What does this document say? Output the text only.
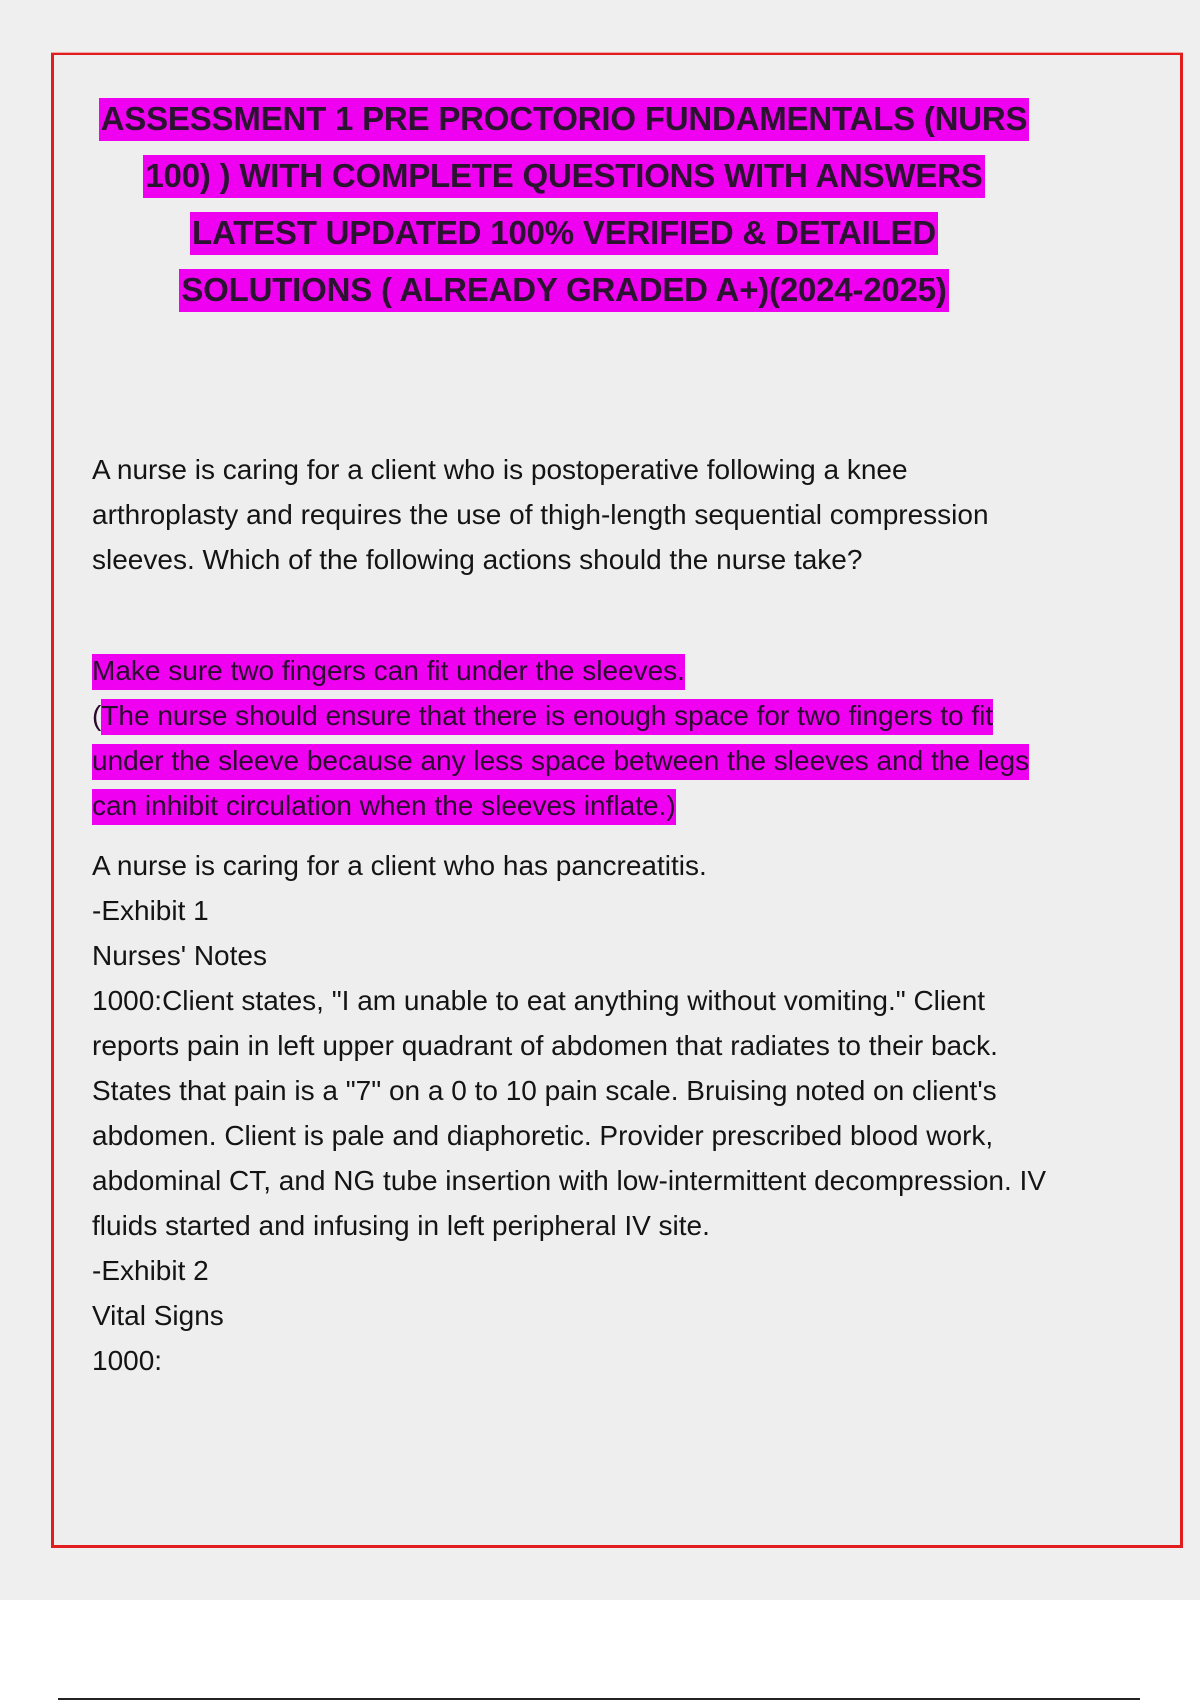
ASSESSMENT 1 PRE PROCTORIO FUNDAMENTALS (NURS
100) ) WITH COMPLETE QUESTIONS WITH ANSWERS
LATEST UPDATED 100% VERIFIED & DETAILED
SOLUTIONS ( ALREADY GRADED A+)(2024-2025)
A nurse is caring for a client who is postoperative following a knee arthroplasty and requires the use of thigh-length sequential compression sleeves. Which of the following actions should the nurse take?
Make sure two fingers can fit under the sleeves.
(The nurse should ensure that there is enough space for two fingers to fit under the sleeve because any less space between the sleeves and the legs can inhibit circulation when the sleeves inflate.)
A nurse is caring for a client who has pancreatitis.
-Exhibit 1
Nurses' Notes
1000:Client states, "I am unable to eat anything without vomiting." Client reports pain in left upper quadrant of abdomen that radiates to their back. States that pain is a "7" on a 0 to 10 pain scale. Bruising noted on client's abdomen. Client is pale and diaphoretic. Provider prescribed blood work, abdominal CT, and NG tube insertion with low-intermittent decompression. IV fluids started and infusing in left peripheral IV site.
-Exhibit 2
Vital Signs
1000:
